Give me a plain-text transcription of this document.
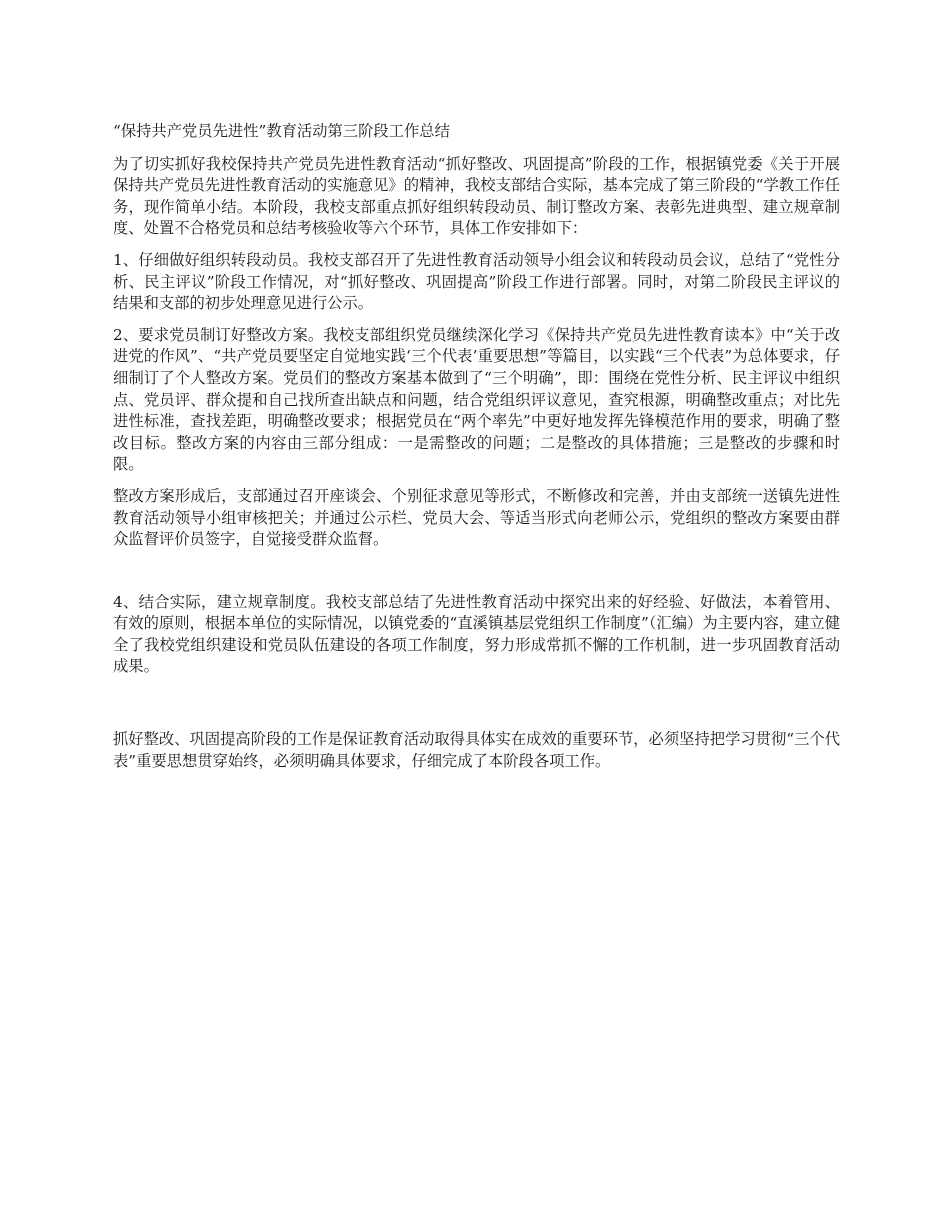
“保持共产党员先进性”教育活动第三阶段工作总结

为了切实抓好我校保持共产党员先进性教育活动“抓好整改、巩固提高”阶段的工作，根据镇党委《关于开展保持共产党员先进性教育活动的实施意见》的精神，我校支部结合实际，基本完成了第三阶段的“学教工作任务，现作简单小结。本阶段，我校支部重点抓好组织转段动员、制订整改方案、表彰先进典型、建立规章制度、处置不合格党员和总结考核验收等六个环节，具体工作安排如下：

1、仔细做好组织转段动员。我校支部召开了先进性教育活动领导小组会议和转段动员会议，总结了“党性分析、民主评议”阶段工作情况，对“抓好整改、巩固提高”阶段工作进行部署。同时，对第二阶段民主评议的结果和支部的初步处理意见进行公示。

2、要求党员制订好整改方案。我校支部组织党员继续深化学习《保持共产党员先进性教育读本》中“关于改进党的作风”、“共产党员要坚定自觉地实践‘三个代表’重要思想”等篇目，以实践“三个代表”为总体要求，仔细制订了个人整改方案。党员们的整改方案基本做到了“三个明确”，即：围绕在党性分析、民主评议中组织点、党员评、群众提和自己找所查出缺点和问题，结合党组织评议意见，查究根源，明确整改重点；对比先进性标准，查找差距，明确整改要求；根据党员在“两个率先”中更好地发挥先锋模范作用的要求，明确了整改目标。整改方案的内容由三部分组成：一是需整改的问题；二是整改的具体措施；三是整改的步骤和时限。

整改方案形成后，支部通过召开座谈会、个别征求意见等形式，不断修改和完善，并由支部统一送镇先进性教育活动领导小组审核把关；并通过公示栏、党员大会、等适当形式向老师公示，党组织的整改方案要由群众监督评价员签字，自觉接受群众监督。

4、结合实际，建立规章制度。我校支部总结了先进性教育活动中探究出来的好经验、好做法，本着管用、有效的原则，根据本单位的实际情况，以镇党委的“直溪镇基层党组织工作制度”（汇编）为主要内容，建立健全了我校党组织建设和党员队伍建设的各项工作制度，努力形成常抓不懈的工作机制，进一步巩固教育活动成果。

抓好整改、巩固提高阶段的工作是保证教育活动取得具体实在成效的重要环节，必须坚持把学习贯彻“三个代表”重要思想贯穿始终，必须明确具体要求，仔细完成了本阶段各项工作。
